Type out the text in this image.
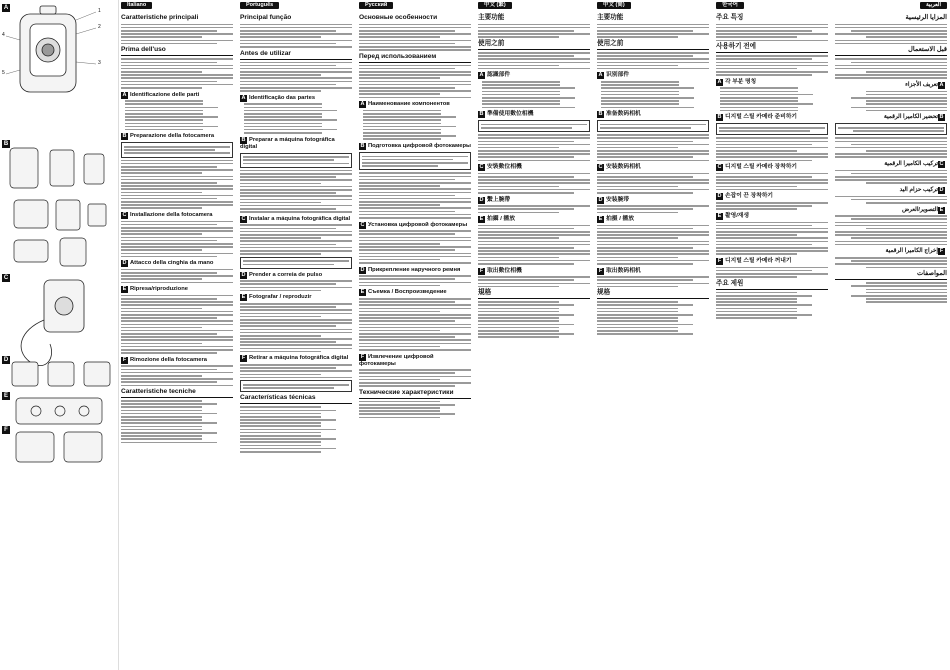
A
B
C
D
E
F
1
2
3
4
5
Italiano
Caratteristiche principali
Prima dell'uso
A Identificazione delle parti
B Preparazione della fotocamera
C Installazione della fotocamera
D Attacco della cinghia da mano
E Ripresa/riproduzione
F Rimozione della fotocamera
Caratteristiche tecniche
Português
Principal função
Antes de utilizar
A Identificação das partes
B Preparar a máquina fotográfica digital
C Instalar a máquina fotográfica digital
D Prender a correia de pulso
E Fotografar / reproduzir
F Retirar a máquina fotográfica digital
Características técnicas
Русский
Основные особенности
Перед использованием
A Наименование компонентов
B Подготовка цифровой фотокамеры
C Установка цифровой фотокамеры
D Прикрепление наручного ремня
E Съемка / Воспроизведение
F Извлечение цифровой фотокамеры
Технические характеристики
中文 (繁)
主要功能
使用之前
A 認識部件
B 準備使用數位相機
C 安裝數位相機
D 繫上腕帶
E 拍攝 / 播放
F 取出數位相機
規格
中文 (简)
主要功能
使用之前
A 识别部件
B 准备数码相机
C 安装数码相机
D 安装腕带
E 拍摄 / 播放
F 取出数码相机
规格
한국어
주요 특징
사용하기 전에
A 각 부분 명칭
B 디지털 스틸 카메라 준비하기
C 디지털 스틸 카메라 장착하기
D 손잡이 끈 장착하기
E 촬영/재생
F 디지털 스틸 카메라 꺼내기
주요 제원
العربية
المزايا الرئيسية
قبل الاستعمال
Aتعريف الأجزاء
Bتحضير الكاميرا الرقمية
Cتركيب الكاميرا الرقمية
Dتركيب حزام اليد
Eالتصوير/العرض
Fإخراج الكاميرا الرقمية
المواصفات
